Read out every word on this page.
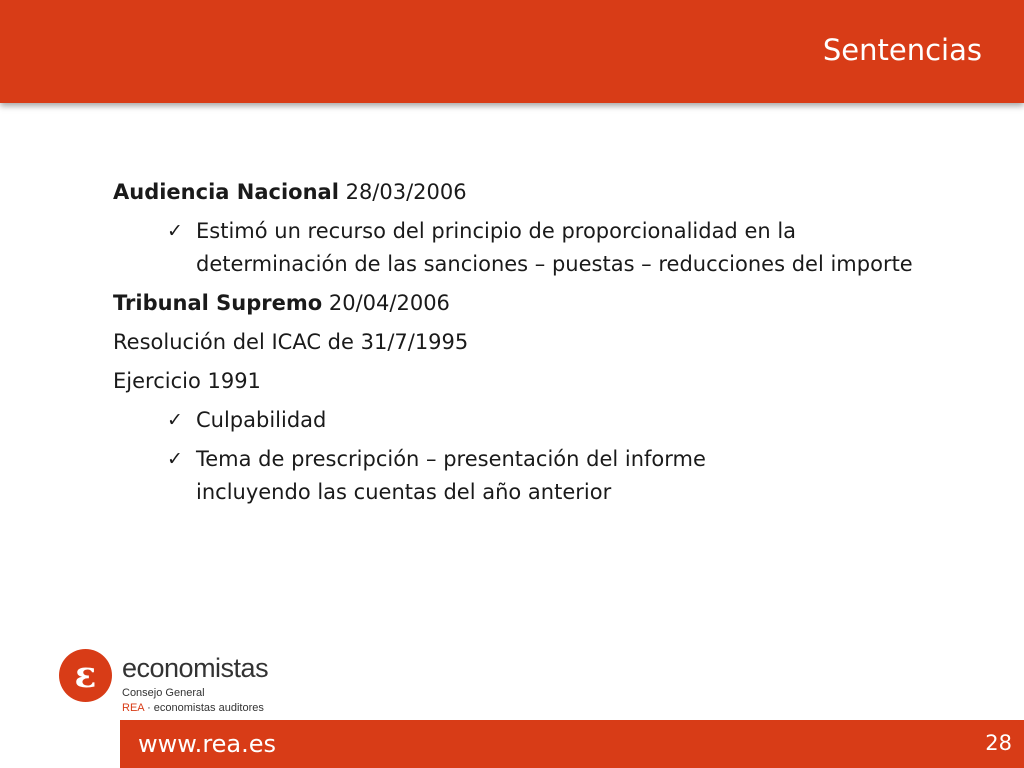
Sentencias
Audiencia Nacional 28/03/2006
✓ Estimó un recurso del principio de proporcionalidad en la determinación de las sanciones – puestas – reducciones del importe
Tribunal Supremo 20/04/2006
Resolución del ICAC de 31/7/1995
Ejercicio 1991
✓ Culpabilidad
✓ Tema de prescripción – presentación del informe incluyendo las cuentas del año anterior
ε economistas
Consejo General
REA · economistas auditores
www.rea.es	28
